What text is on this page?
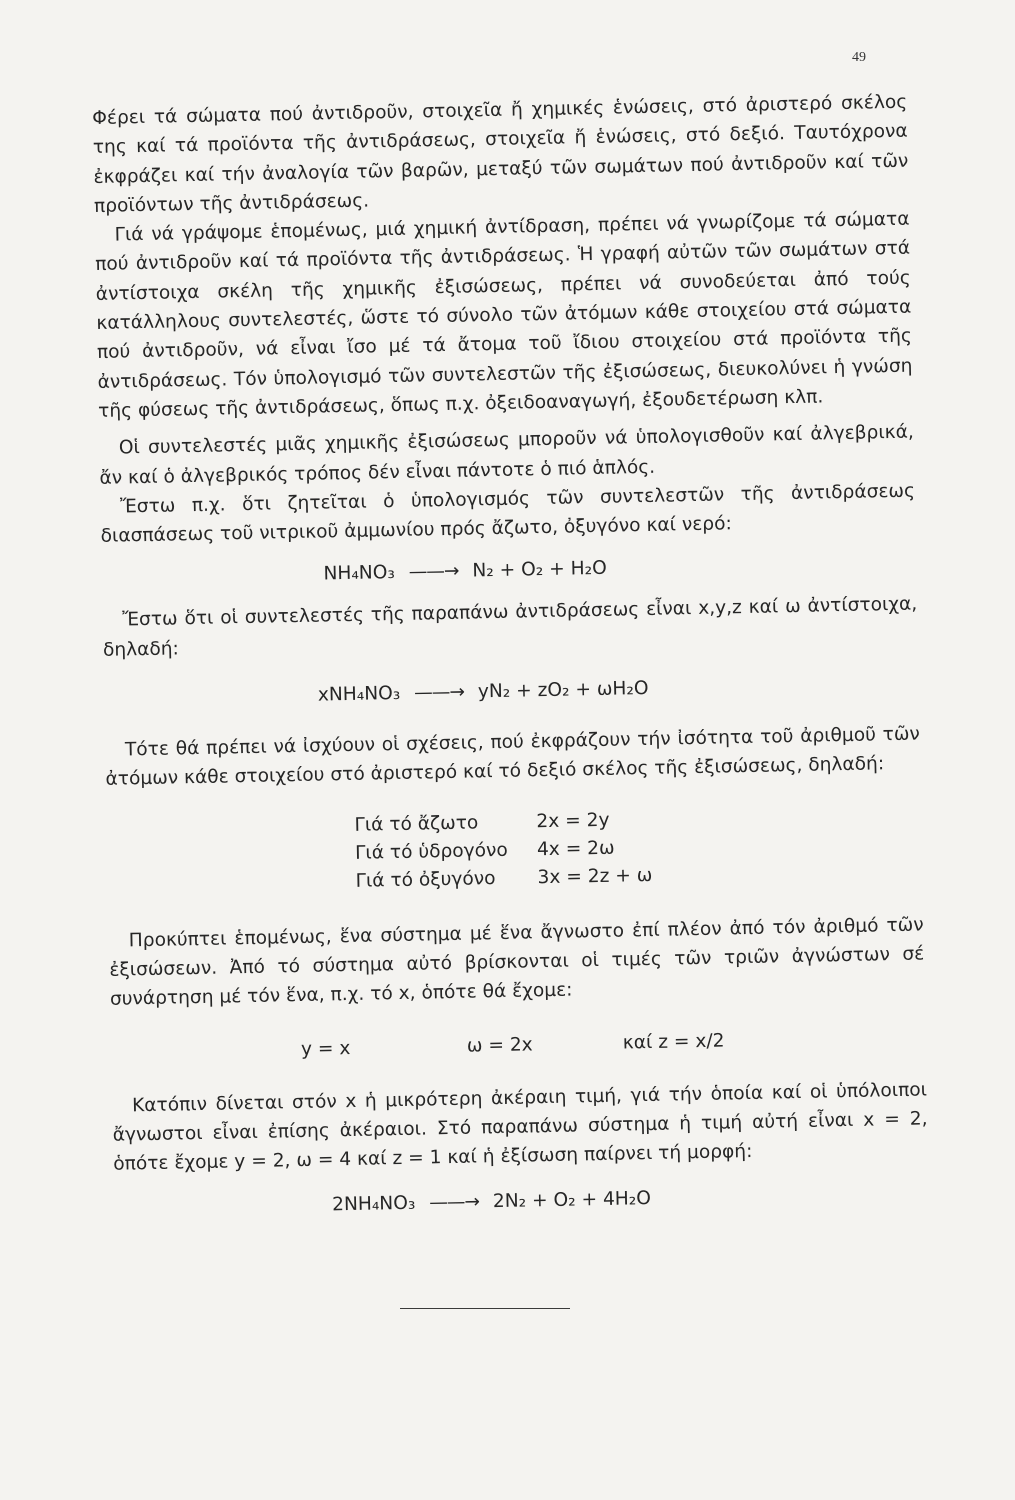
49

Φέρει τά σώματα πού ἀντιδροῦν, στοιχεῖα ἤ χημικές ἑνώσεις, στό ἀριστερό σκέλος της καί τά προϊόντα τῆς ἀντιδράσεως, στοιχεῖα ἤ ἑνώσεις, στό δεξιό. Ταυτόχρονα ἐκφράζει καί τήν ἀναλογία τῶν βαρῶν, μεταξύ τῶν σωμάτων πού ἀντιδροῦν καί τῶν προϊόντων τῆς ἀντιδράσεως.

Γιά νά γράψομε ἑπομένως, μιά χημική ἀντίδραση, πρέπει νά γνωρίζομε τά σώματα πού ἀντιδροῦν καί τά προϊόντα τῆς ἀντιδράσεως. Ἡ γραφή αὐτῶν τῶν σωμάτων στά ἀντίστοιχα σκέλη τῆς χημικῆς ἐξισώσεως, πρέπει νά συνοδεύεται ἀπό τούς κατάλληλους συντελεστές, ὥστε τό σύνολο τῶν ἀτόμων κάθε στοιχείου στά σώματα πού ἀντιδροῦν, νά εἶναι ἴσο μέ τά ἄτομα τοῦ ἴδιου στοιχείου στά προϊόντα τῆς ἀντιδράσεως. Τόν ὑπολογισμό τῶν συντελεστῶν τῆς ἐξισώσεως, διευκολύνει ἡ γνώση τῆς φύσεως τῆς ἀντιδράσεως, ὅπως π.χ. ὀξειδοαναγωγή, ἐξουδετέρωση κλπ.

Οἱ συντελεστές μιᾶς χημικῆς ἐξισώσεως μποροῦν νά ὑπολογισθοῦν καί ἀλγεβρικά, ἄν καί ὁ ἀλγεβρικός τρόπος δέν εἶναι πάντοτε ὁ πιό ἁπλός.

Ἔστω π.χ. ὅτι ζητεῖται ὁ ὑπολογισμός τῶν συντελεστῶν τῆς ἀντιδράσεως διασπάσεως τοῦ νιτρικοῦ ἀμμωνίου πρός ἄζωτο, ὀξυγόνο καί νερό:

NH₄NO₃ ——→ N₂ + O₂ + H₂O

Ἔστω ὅτι οἱ συντελεστές τῆς παραπάνω ἀντιδράσεως εἶναι x,y,z καί ω ἀντίστοιχα, δηλαδή:

xNH₄NO₃ ——→ yN₂ + zO₂ + ωH₂O

Τότε θά πρέπει νά ἰσχύουν οἱ σχέσεις, πού ἐκφράζουν τήν ἰσότητα τοῦ ἀριθμοῦ τῶν ἀτόμων κάθε στοιχείου στό ἀριστερό καί τό δεξιό σκέλος τῆς ἐξισώσεως, δηλαδή:

Γιά τό ἄζωτο	2x = 2y
Γιά τό ὑδρογόνο 4x = 2ω
Γιά τό ὀξυγόνο 3x = 2z + ω

Προκύπτει ἑπομένως, ἕνα σύστημα μέ ἕνα ἄγνωστο ἐπί πλέον ἀπό τόν ἀριθμό τῶν ἐξισώσεων. Ἀπό τό σύστημα αὐτό βρίσκονται οἱ τιμές τῶν τριῶν ἀγνώστων σέ συνάρτηση μέ τόν ἕνα, π.χ. τό x, ὁπότε θά ἔχομε:

y = x	ω = 2x	καί z = x/2

Κατόπιν δίνεται στόν x ἡ μικρότερη ἀκέραιη τιμή, γιά τήν ὁποία καί οἱ ὑπόλοιποι ἄγνωστοι εἶναι ἐπίσης ἀκέραιοι. Στό παραπάνω σύστημα ἡ τιμή αὐτή εἶναι x = 2, ὁπότε ἔχομε y = 2, ω = 4 καί z = 1 καί ἡ ἐξίσωση παίρνει τή μορφή:

2NH₄NO₃ ——→ 2N₂ + O₂ + 4H₂O
